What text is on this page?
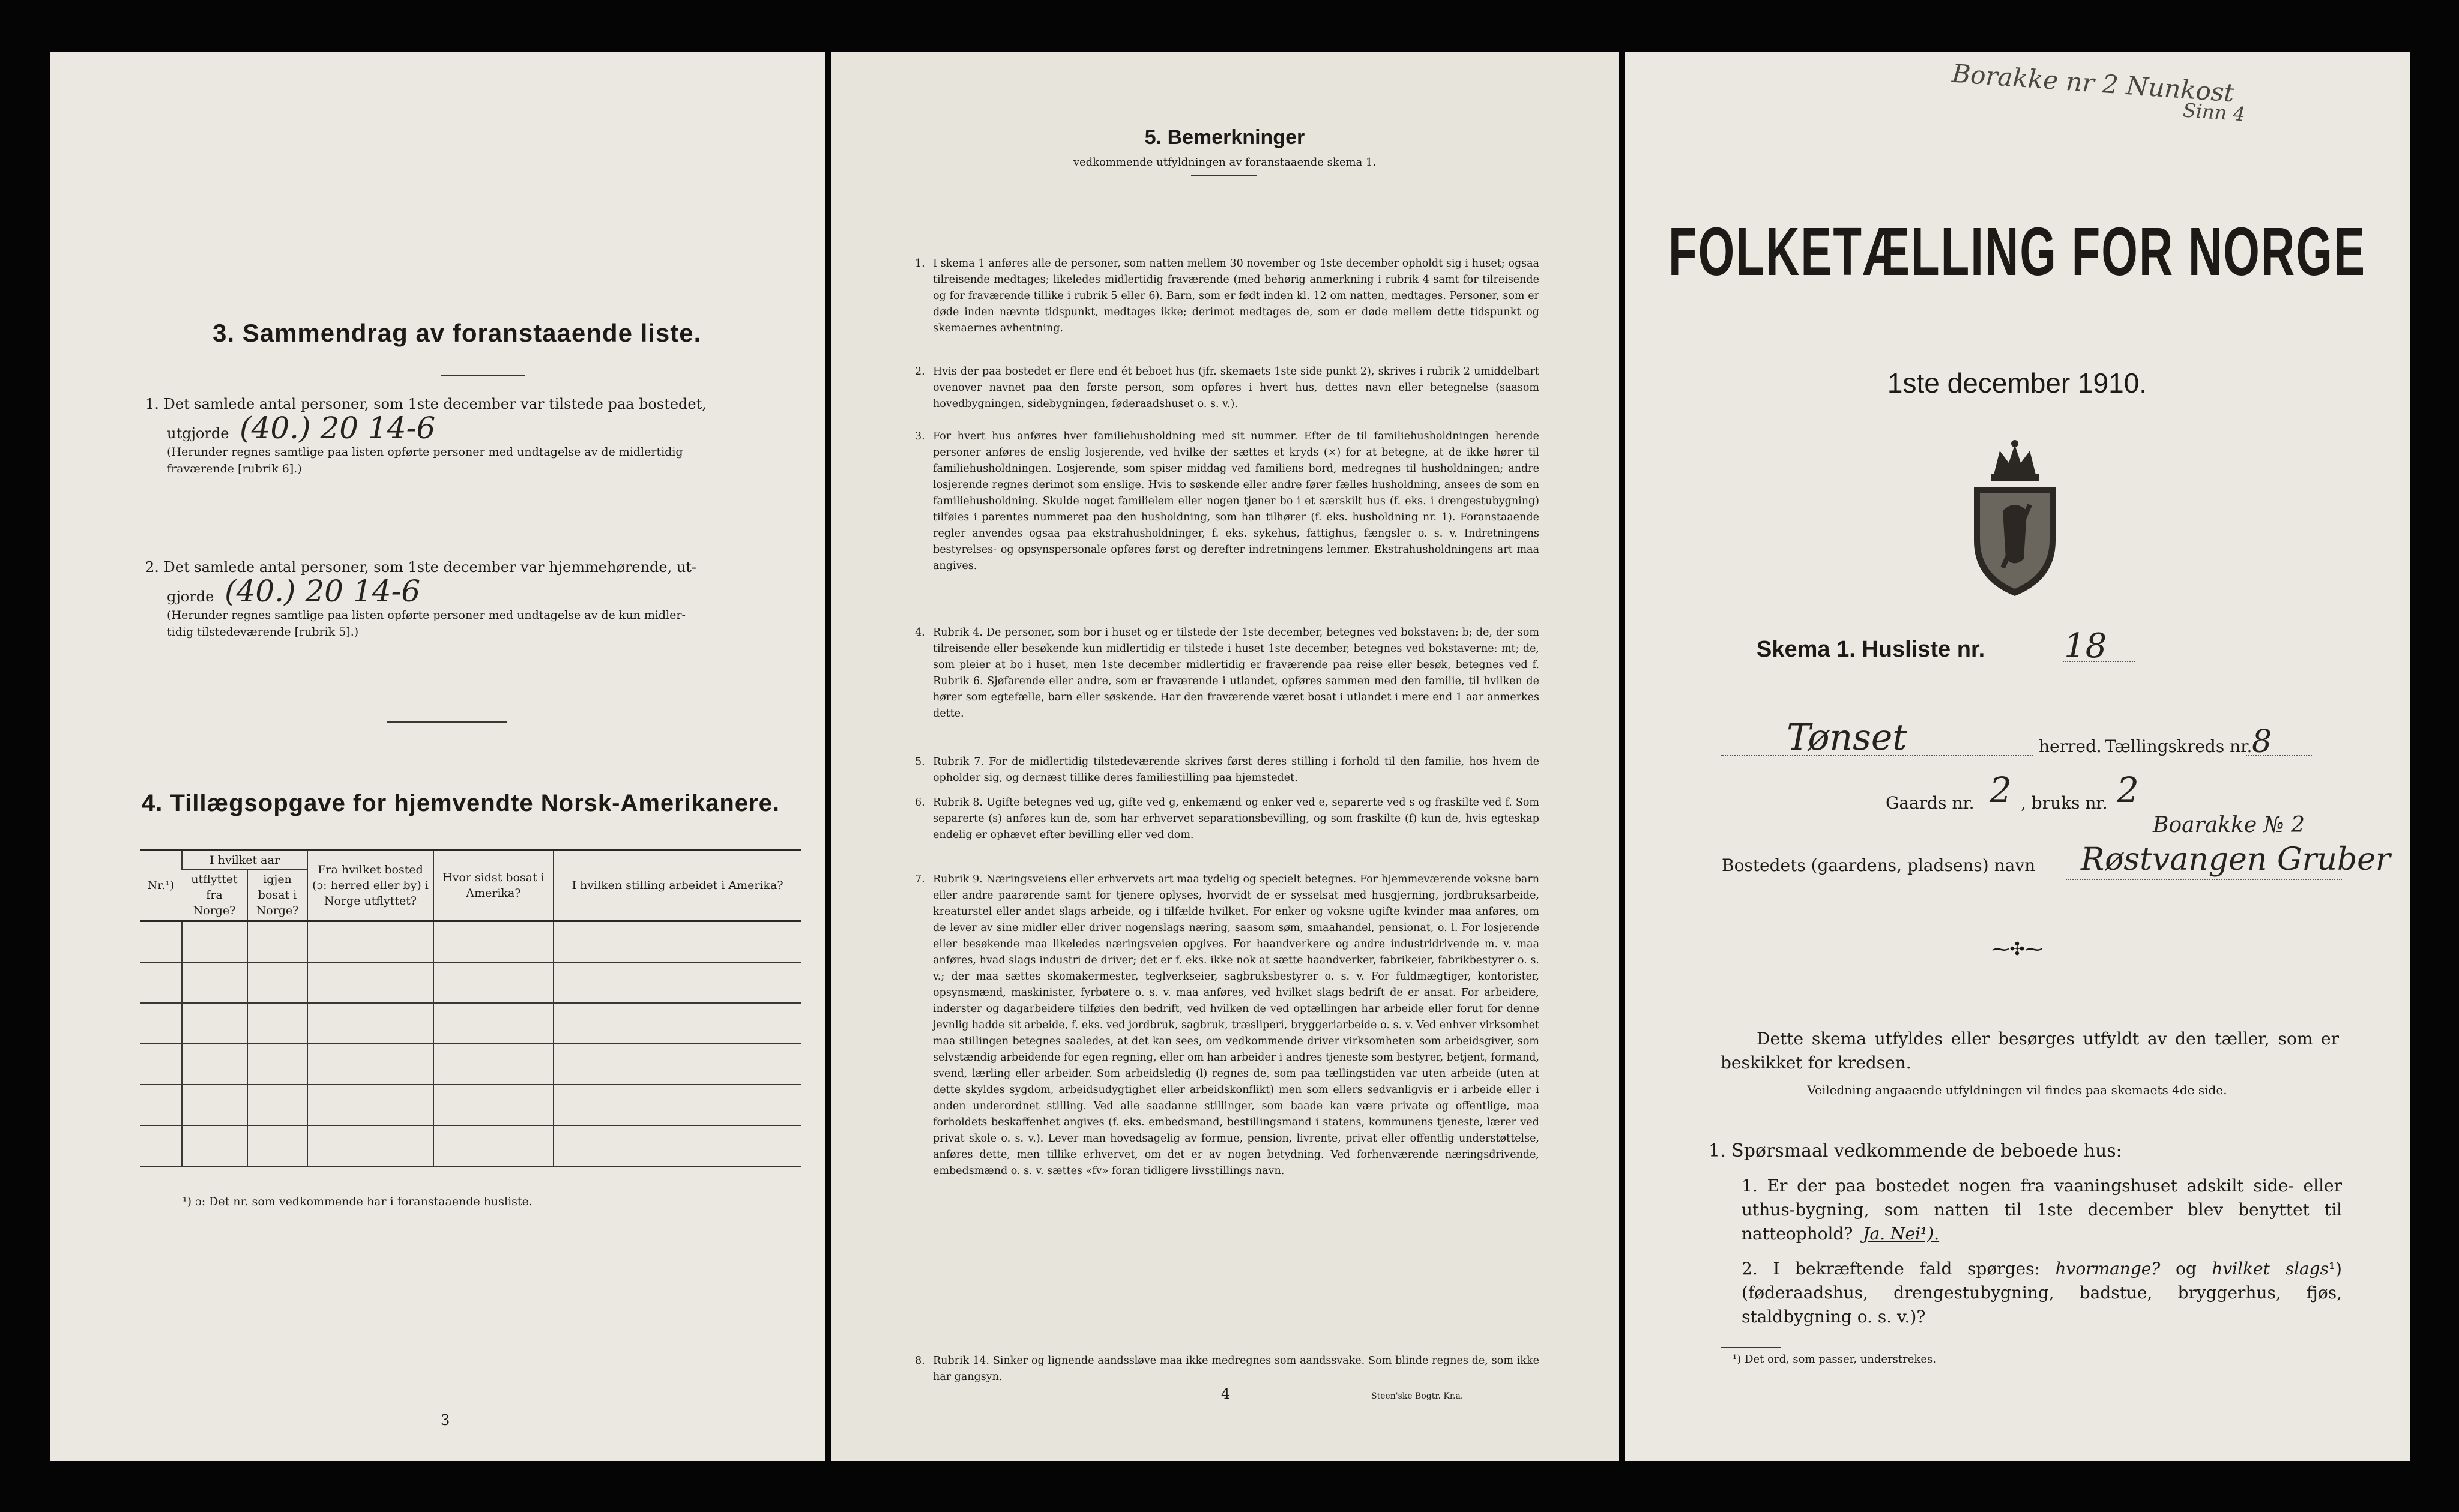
3. Sammendrag av foranstaaende liste.
1. Det samlede antal personer, som 1ste december var tilstede paa bostedet,
utgjorde (40.) 20 14-6
(Herunder regnes samtlige paa listen opførte personer med undtagelse av de midlertidig
fraværende [rubrik 6].)
2. Det samlede antal personer, som 1ste december var hjemmehørende, ut-
gjorde (40.) 20 14-6
(Herunder regnes samtlige paa listen opførte personer med undtagelse av de kun midler-
tidig tilstedeværende [rubrik 5].)
4. Tillægsopgave for hjemvendte Norsk-Amerikanere.
Nr.¹)	I hvilket aar		Fra hvilket bosted (ɔ: herred eller by) i Norge utflyttet?	Hvor sidst bosat i Amerika?	I hvilken stilling arbeidet i Amerika?
	utflyttet fra Norge?	igjen bosat i Norge?			

¹) ɔ: Det nr. som vedkommende har i foranstaaende husliste.
3
5. Bemerkninger
vedkommende utfyldningen av foranstaaende skema 1.
1. I skema 1 anføres alle de personer, som natten mellem 30 november og 1ste december opholdt sig i huset; ogsaa tilreisende medtages; likeledes midlertidig fraværende (med behørig anmerkning i rubrik 4 samt for tilreisende og for fraværende tillike i rubrik 5 eller 6). Barn, som er født inden kl. 12 om natten, medtages. Personer, som er døde inden nævnte tidspunkt, medtages ikke; derimot medtages de, som er døde mellem dette tidspunkt og skemaernes avhentning.
2. Hvis der paa bostedet er flere end ét beboet hus (jfr. skemaets 1ste side punkt 2), skrives i rubrik 2 umiddelbart ovenover navnet paa den første person, som opføres i hvert hus, dettes navn eller betegnelse (saasom hovedbygningen, sidebygningen, føderaadshuset o. s. v.).
3. For hvert hus anføres hver familiehusholdning med sit nummer. Efter de til familiehusholdningen herende personer anføres de enslig losjerende, ved hvilke der sættes et kryds (×) for at betegne, at de ikke hører til familiehusholdningen. Losjerende, som spiser middag ved familiens bord, medregnes til husholdningen; andre losjerende regnes derimot som enslige. Hvis to søskende eller andre fører fælles husholdning, ansees de som en familiehusholdning. Skulde noget familielem eller nogen tjener bo i et særskilt hus (f. eks. i drengestubygning) tilføies i parentes nummeret paa den husholdning, som han tilhører (f. eks. husholdning nr. 1). Foranstaaende regler anvendes ogsaa paa ekstrahusholdninger, f. eks. sykehus, fattighus, fængsler o. s. v. Indretningens bestyrelses- og opsynspersonale opføres først og derefter indretningens lemmer. Ekstrahusholdningens art maa angives.
4. Rubrik 4. De personer, som bor i huset og er tilstede der 1ste december, betegnes ved bokstaven: b; de, der som tilreisende eller besøkende kun midlertidig er tilstede i huset 1ste december, betegnes ved bokstaverne: mt; de, som pleier at bo i huset, men 1ste december midlertidig er fraværende paa reise eller besøk, betegnes ved f. Rubrik 6. Sjøfarende eller andre, som er fraværende i utlandet, opføres sammen med den familie, til hvilken de hører som egtefælle, barn eller søskende. Har den fraværende været bosat i utlandet i mere end 1 aar anmerkes dette.
5. Rubrik 7. For de midlertidig tilstedeværende skrives først deres stilling i forhold til den familie, hos hvem de opholder sig, og dernæst tillike deres familiestilling paa hjemstedet.
6. Rubrik 8. Ugifte betegnes ved ug, gifte ved g, enkemænd og enker ved e, separerte ved s og fraskilte ved f. Som separerte (s) anføres kun de, som har erhvervet separationsbevilling, og som fraskilte (f) kun de, hvis egteskap endelig er ophævet efter bevilling eller ved dom.
7. Rubrik 9. Næringsveiens eller erhvervets art maa tydelig og specielt betegnes. For hjemmeværende voksne barn eller andre paarørende samt for tjenere oplyses, hvorvidt de er sysselsat med husgjerning, jordbruksarbeide, kreaturstel eller andet slags arbeide, og i tilfælde hvilket. For enker og voksne ugifte kvinder maa anføres, om de lever av sine midler eller driver nogenslags næring, saasom søm, smaahandel, pensionat, o. l. For losjerende eller besøkende maa likeledes næringsveien opgives. For haandverkere og andre industridrivende m. v. maa anføres, hvad slags industri de driver; det er f. eks. ikke nok at sætte haandverker, fabrikeier, fabrikbestyrer o. s. v.; der maa sættes skomakermester, teglverkseier, sagbruksbestyrer o. s. v. For fuldmægtiger, kontorister, opsynsmænd, maskinister, fyrbøtere o. s. v. maa anføres, ved hvilket slags bedrift de er ansat. For arbeidere, inderster og dagarbeidere tilføies den bedrift, ved hvilken de ved optællingen har arbeide eller forut for denne jevnlig hadde sit arbeide, f. eks. ved jordbruk, sagbruk, træsliperi, bryggeriarbeide o. s. v. Ved enhver virksomhet maa stillingen betegnes saaledes, at det kan sees, om vedkommende driver virksomheten som arbeidsgiver, som selvstændig arbeidende for egen regning, eller om han arbeider i andres tjeneste som bestyrer, betjent, formand, svend, lærling eller arbeider. Som arbeidsledig (l) regnes de, som paa tællingstiden var uten arbeide (uten at dette skyldes sygdom, arbeidsudygtighet eller arbeidskonflikt) men som ellers sedvanligvis er i arbeide eller i anden underordnet stilling. Ved alle saadanne stillinger, som baade kan være private og offentlige, maa forholdets beskaffenhet angives (f. eks. embedsmand, bestillingsmand i statens, kommunens tjeneste, lærer ved privat skole o. s. v.). Lever man hovedsagelig av formue, pension, livrente, privat eller offentlig understøttelse, anføres dette, men tillike erhvervet, om det er av nogen betydning. Ved forhenværende næringsdrivende, embedsmænd o. s. v. sættes «fv» foran tidligere livsstillings navn.
8. Rubrik 14. Sinker og lignende aandssløve maa ikke medregnes som aandssvake. Som blinde regnes de, som ikke har gangsyn.
4	Steen'ske Bogtr. Kr.a.
Borakke nr 2 Nunkost
Sinn 4
FOLKETÆLLING FOR NORGE
1ste december 1910.
Skema 1. Husliste nr. 18
Tønset	herred. Tællingskreds nr. 8
Gaards nr. 2 , bruks nr. 2
Bostedets (gaardens, pladsens) navn
Boarakke № 2
Røstvangen Gruber
⁓✣⁓
Dette skema utfyldes eller besørges utfyldt av den tæller, som er beskikket for kredsen.
Veiledning angaaende utfyldningen vil findes paa skemaets 4de side.
1. Spørsmaal vedkommende de beboede hus:
1. Er der paa bostedet nogen fra vaaningshuset adskilt side- eller uthus-bygning, som natten til 1ste december blev benyttet til natteophold? Ja. Nei¹).
2. I bekræftende fald spørges: hvormange? og hvilket slags¹) (føderaadshus, drengestubygning, badstue, bryggerhus, fjøs, staldbygning o. s. v.)?
¹) Det ord, som passer, understrekes.
